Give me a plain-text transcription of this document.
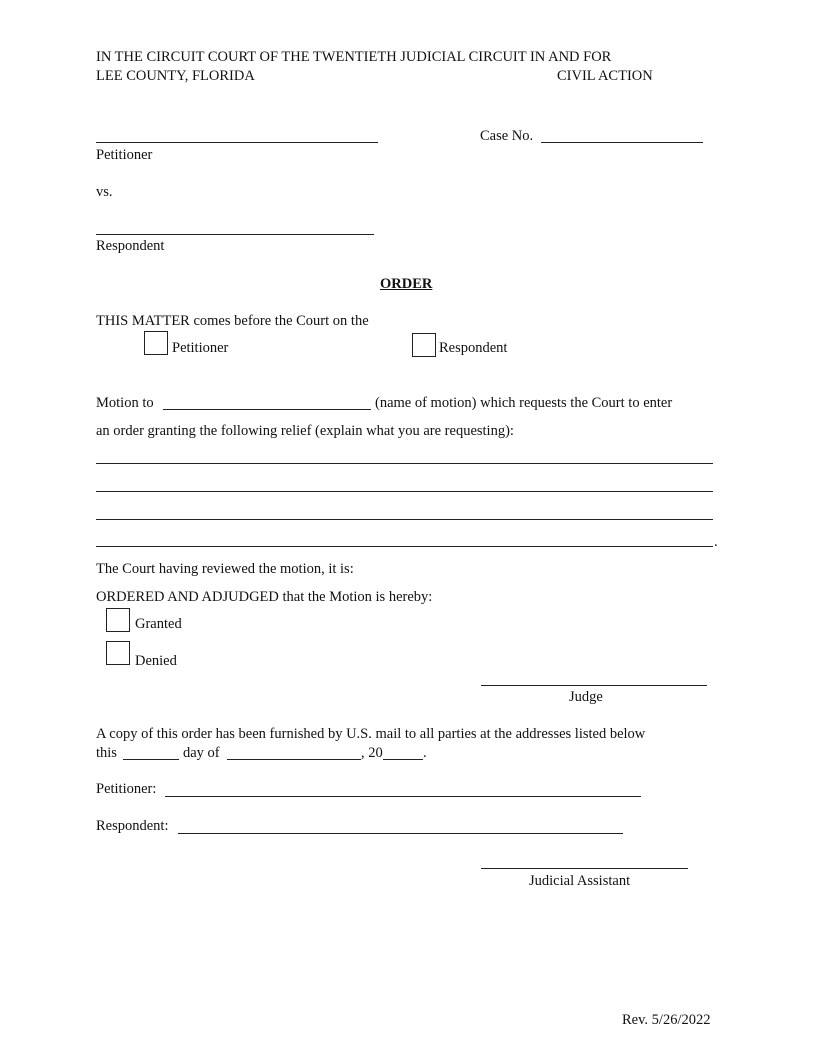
IN THE CIRCUIT COURT OF THE TWENTIETH JUDICIAL CIRCUIT IN AND FOR
LEE COUNTY, FLORIDA	CIVIL ACTION
Case No.
Petitioner
vs.
Respondent
ORDER
THIS MATTER comes before the Court on the
Petitioner	Respondent
Motion to	(name of motion) which requests the Court to enter
an order granting the following relief (explain what you are requesting):
.
The Court having reviewed the motion, it is:
ORDERED AND ADJUDGED that the Motion is hereby:
Granted
Denied
Judge
A copy of this order has been furnished by U.S. mail to all parties at the addresses listed below
this	day of	, 20	.
Petitioner:
Respondent:
Judicial Assistant
Rev. 5/26/2022
